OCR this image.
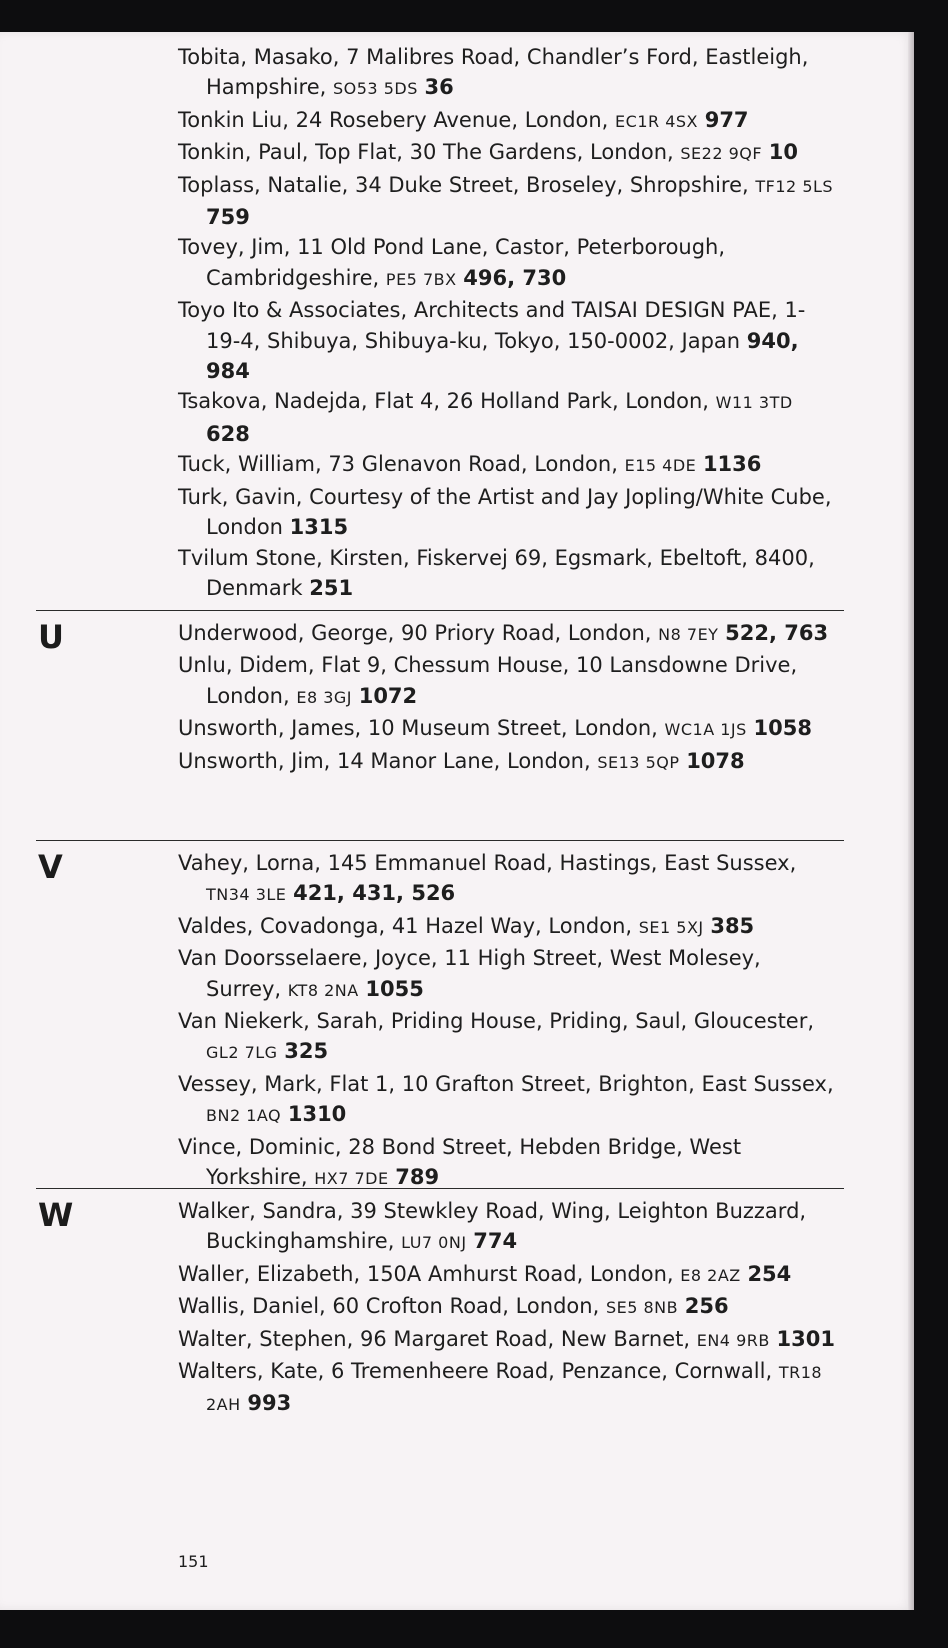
Tobita, Masako, 7 Malibres Road, Chandler’s Ford, Eastleigh, Hampshire, SO53 5DS 36
Tonkin Liu, 24 Rosebery Avenue, London, EC1R 4SX 977
Tonkin, Paul, Top Flat, 30 The Gardens, London, SE22 9QF 10
Toplass, Natalie, 34 Duke Street, Broseley, Shropshire, TF12 5LS 759
Tovey, Jim, 11 Old Pond Lane, Castor, Peterborough, Cambridgeshire, PE5 7BX 496, 730
Toyo Ito & Associates, Architects and TAISAI DESIGN PAE, 1-19-4, Shibuya, Shibuya-ku, Tokyo, 150-0002, Japan 940, 984
Tsakova, Nadejda, Flat 4, 26 Holland Park, London, W11 3TD 628
Tuck, William, 73 Glenavon Road, London, E15 4DE 1136
Turk, Gavin, Courtesy of the Artist and Jay Jopling/White Cube, London 1315
Tvilum Stone, Kirsten, Fiskervej 69, Egsmark, Ebeltoft, 8400, Denmark 251
U	Underwood, George, 90 Priory Road, London, N8 7EY 522, 763
Unlu, Didem, Flat 9, Chessum House, 10 Lansdowne Drive, London, E8 3GJ 1072
Unsworth, James, 10 Museum Street, London, WC1A 1JS 1058
Unsworth, Jim, 14 Manor Lane, London, SE13 5QP 1078
V	Vahey, Lorna, 145 Emmanuel Road, Hastings, East Sussex, TN34 3LE 421, 431, 526
Valdes, Covadonga, 41 Hazel Way, London, SE1 5XJ 385
Van Doorsselaere, Joyce, 11 High Street, West Molesey, Surrey, KT8 2NA 1055
Van Niekerk, Sarah, Priding House, Priding, Saul, Gloucester, GL2 7LG 325
Vessey, Mark, Flat 1, 10 Grafton Street, Brighton, East Sussex, BN2 1AQ 1310
Vince, Dominic, 28 Bond Street, Hebden Bridge, West Yorkshire, HX7 7DE 789
W	Walker, Sandra, 39 Stewkley Road, Wing, Leighton Buzzard, Buckinghamshire, LU7 0NJ 774
Waller, Elizabeth, 150A Amhurst Road, London, E8 2AZ 254
Wallis, Daniel, 60 Crofton Road, London, SE5 8NB 256
Walter, Stephen, 96 Margaret Road, New Barnet, EN4 9RB 1301
Walters, Kate, 6 Tremenheere Road, Penzance, Cornwall, TR18 2AH 993
151
